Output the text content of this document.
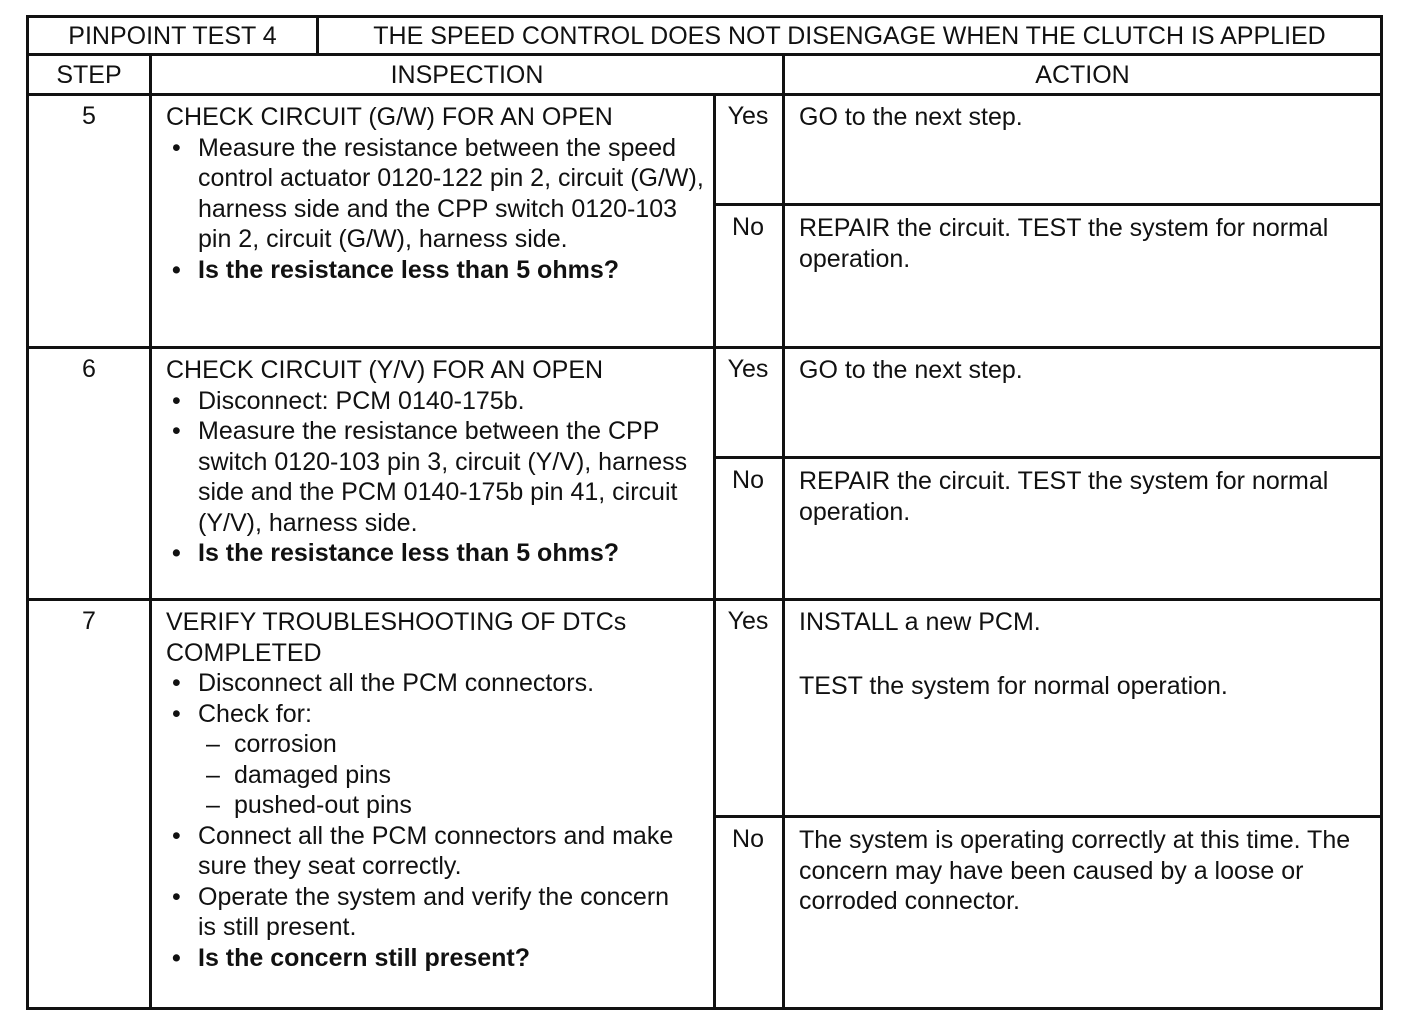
PINPOINT TEST 4	THE SPEED CONTROL DOES NOT DISENGAGE WHEN THE CLUTCH IS APPLIED
STEP	INSPECTION	ACTION
5	CHECK CIRCUIT (G/W) FOR AN OPEN
• Measure the resistance between the speed control actuator 0120-122 pin 2, circuit (G/W), harness side and the CPP switch 0120-103 pin 2, circuit (G/W), harness side.
• Is the resistance less than 5 ohms?
Yes	GO to the next step.

No	REPAIR the circuit. TEST the system for normal operation.

6	CHECK CIRCUIT (Y/V) FOR AN OPEN
• Disconnect: PCM 0140-175b.
• Measure the resistance between the CPP switch 0120-103 pin 3, circuit (Y/V), harness side and the PCM 0140-175b pin 41, circuit (Y/V), harness side.
• Is the resistance less than 5 ohms?
Yes	GO to the next step.

No	REPAIR the circuit. TEST the system for normal operation.

7	VERIFY TROUBLESHOOTING OF DTCs COMPLETED
• Disconnect all the PCM connectors.
• Check for:
– corrosion
– damaged pins
– pushed-out pins
• Connect all the PCM connectors and make sure they seat correctly.
• Operate the system and verify the concern is still present.
• Is the concern still present?
Yes	INSTALL a new PCM.

TEST the system for normal operation.

No	The system is operating correctly at this time. The concern may have been caused by a loose or corroded connector.
